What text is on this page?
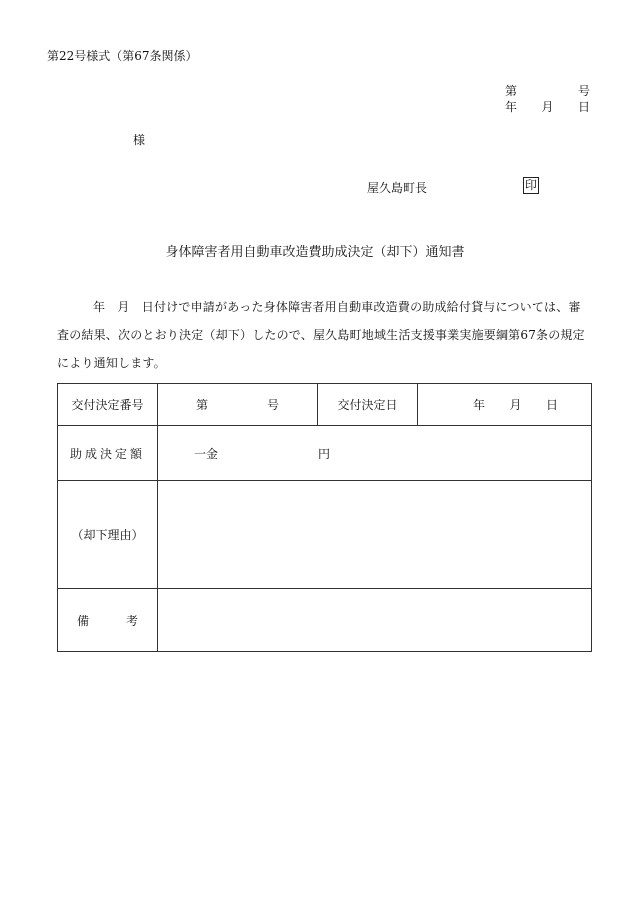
第22号様式（第67条関係）
第	号
年 月 日
様
屋久島町長	印
身体障害者用自動車改造費助成決定（却下）通知書
年　月　日付けで申請があった身体障害者用自動車改造費の助成給付貸与については、審査の結果、次のとおり決定（却下）したので、屋久島町地域生活支援事業実施要綱第67条の規定により通知します。
交付決定番号	第 号	交付決定日	年 月 日

助成決定額	一金 円		

（却下理由）			

備 考			
